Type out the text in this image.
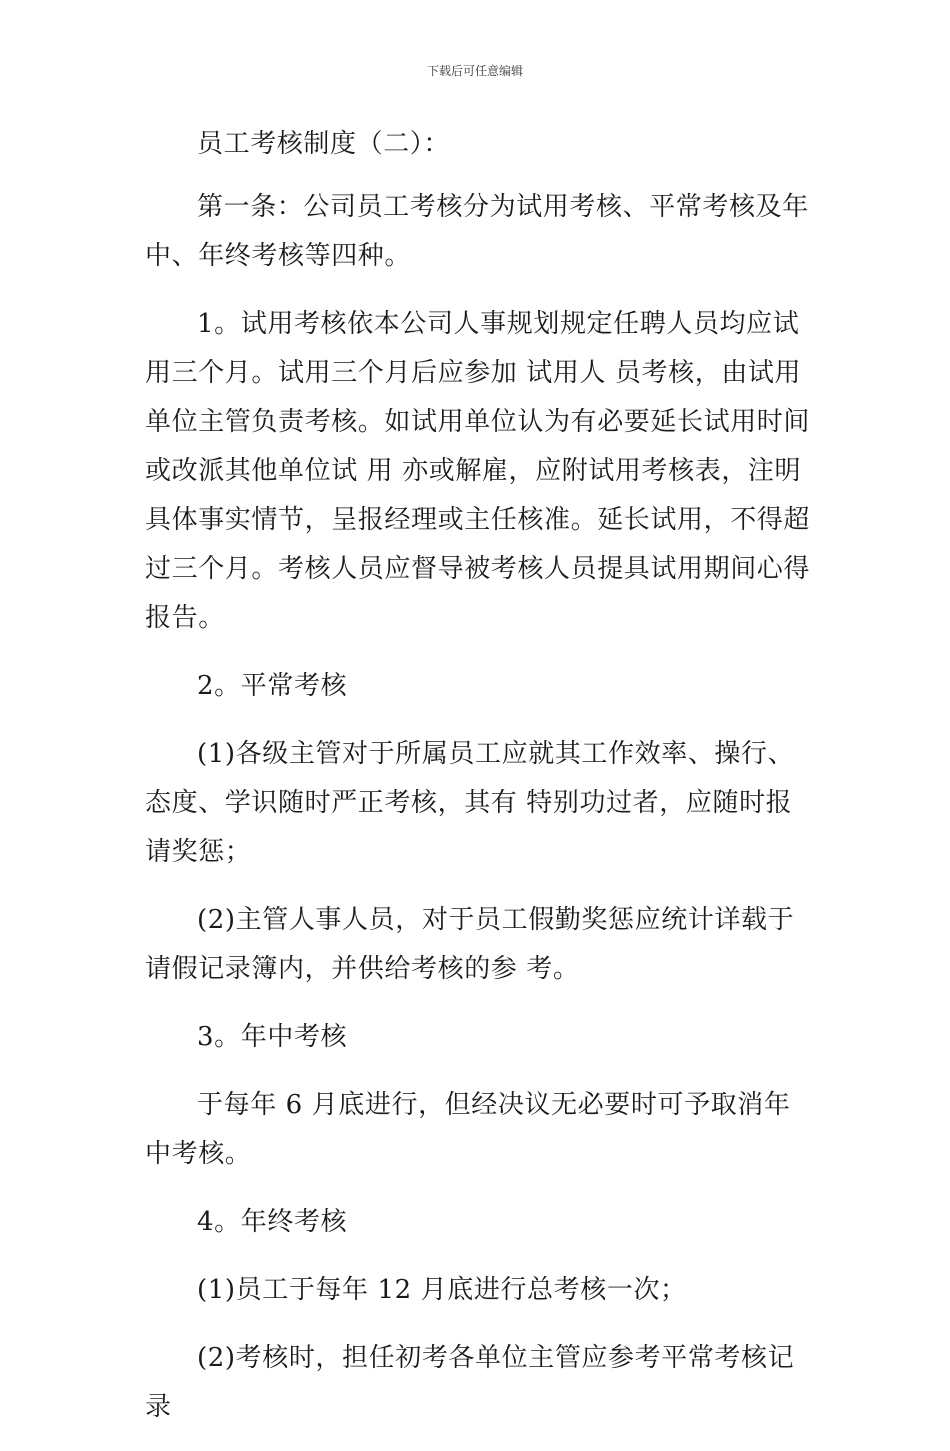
下载后可任意编辑

员工考核制度（二）：

第一条：公司员工考核分为试用考核、平常考核及年中、年终考核等四种。

1。试用考核依本公司人事规划规定任聘人员均应试用三个月。试用三个月后应参加 试用人 员考核，由试用单位主管负责考核。如试用单位认为有必要延长试用时间或改派其他单位试 用 亦或解雇，应附试用考核表，注明具体事实情节，呈报经理或主任核准。延长试用，不得超过三个月。考核人员应督导被考核人员提具试用期间心得报告。

2。平常考核

(1)各级主管对于所属员工应就其工作效率、操行、态度、学识随时严正考核，其有 特别功过者，应随时报请奖惩；

(2)主管人事人员，对于员工假勤奖惩应统计详载于请假记录簿内，并供给考核的参 考。

3。年中考核

于每年 6 月底进行，但经决议无必要时可予取消年中考核。

4。年终考核

(1)员工于每年 12 月底进行总考核一次；

(2)考核时，担任初考各单位主管应参考平常考核记录
